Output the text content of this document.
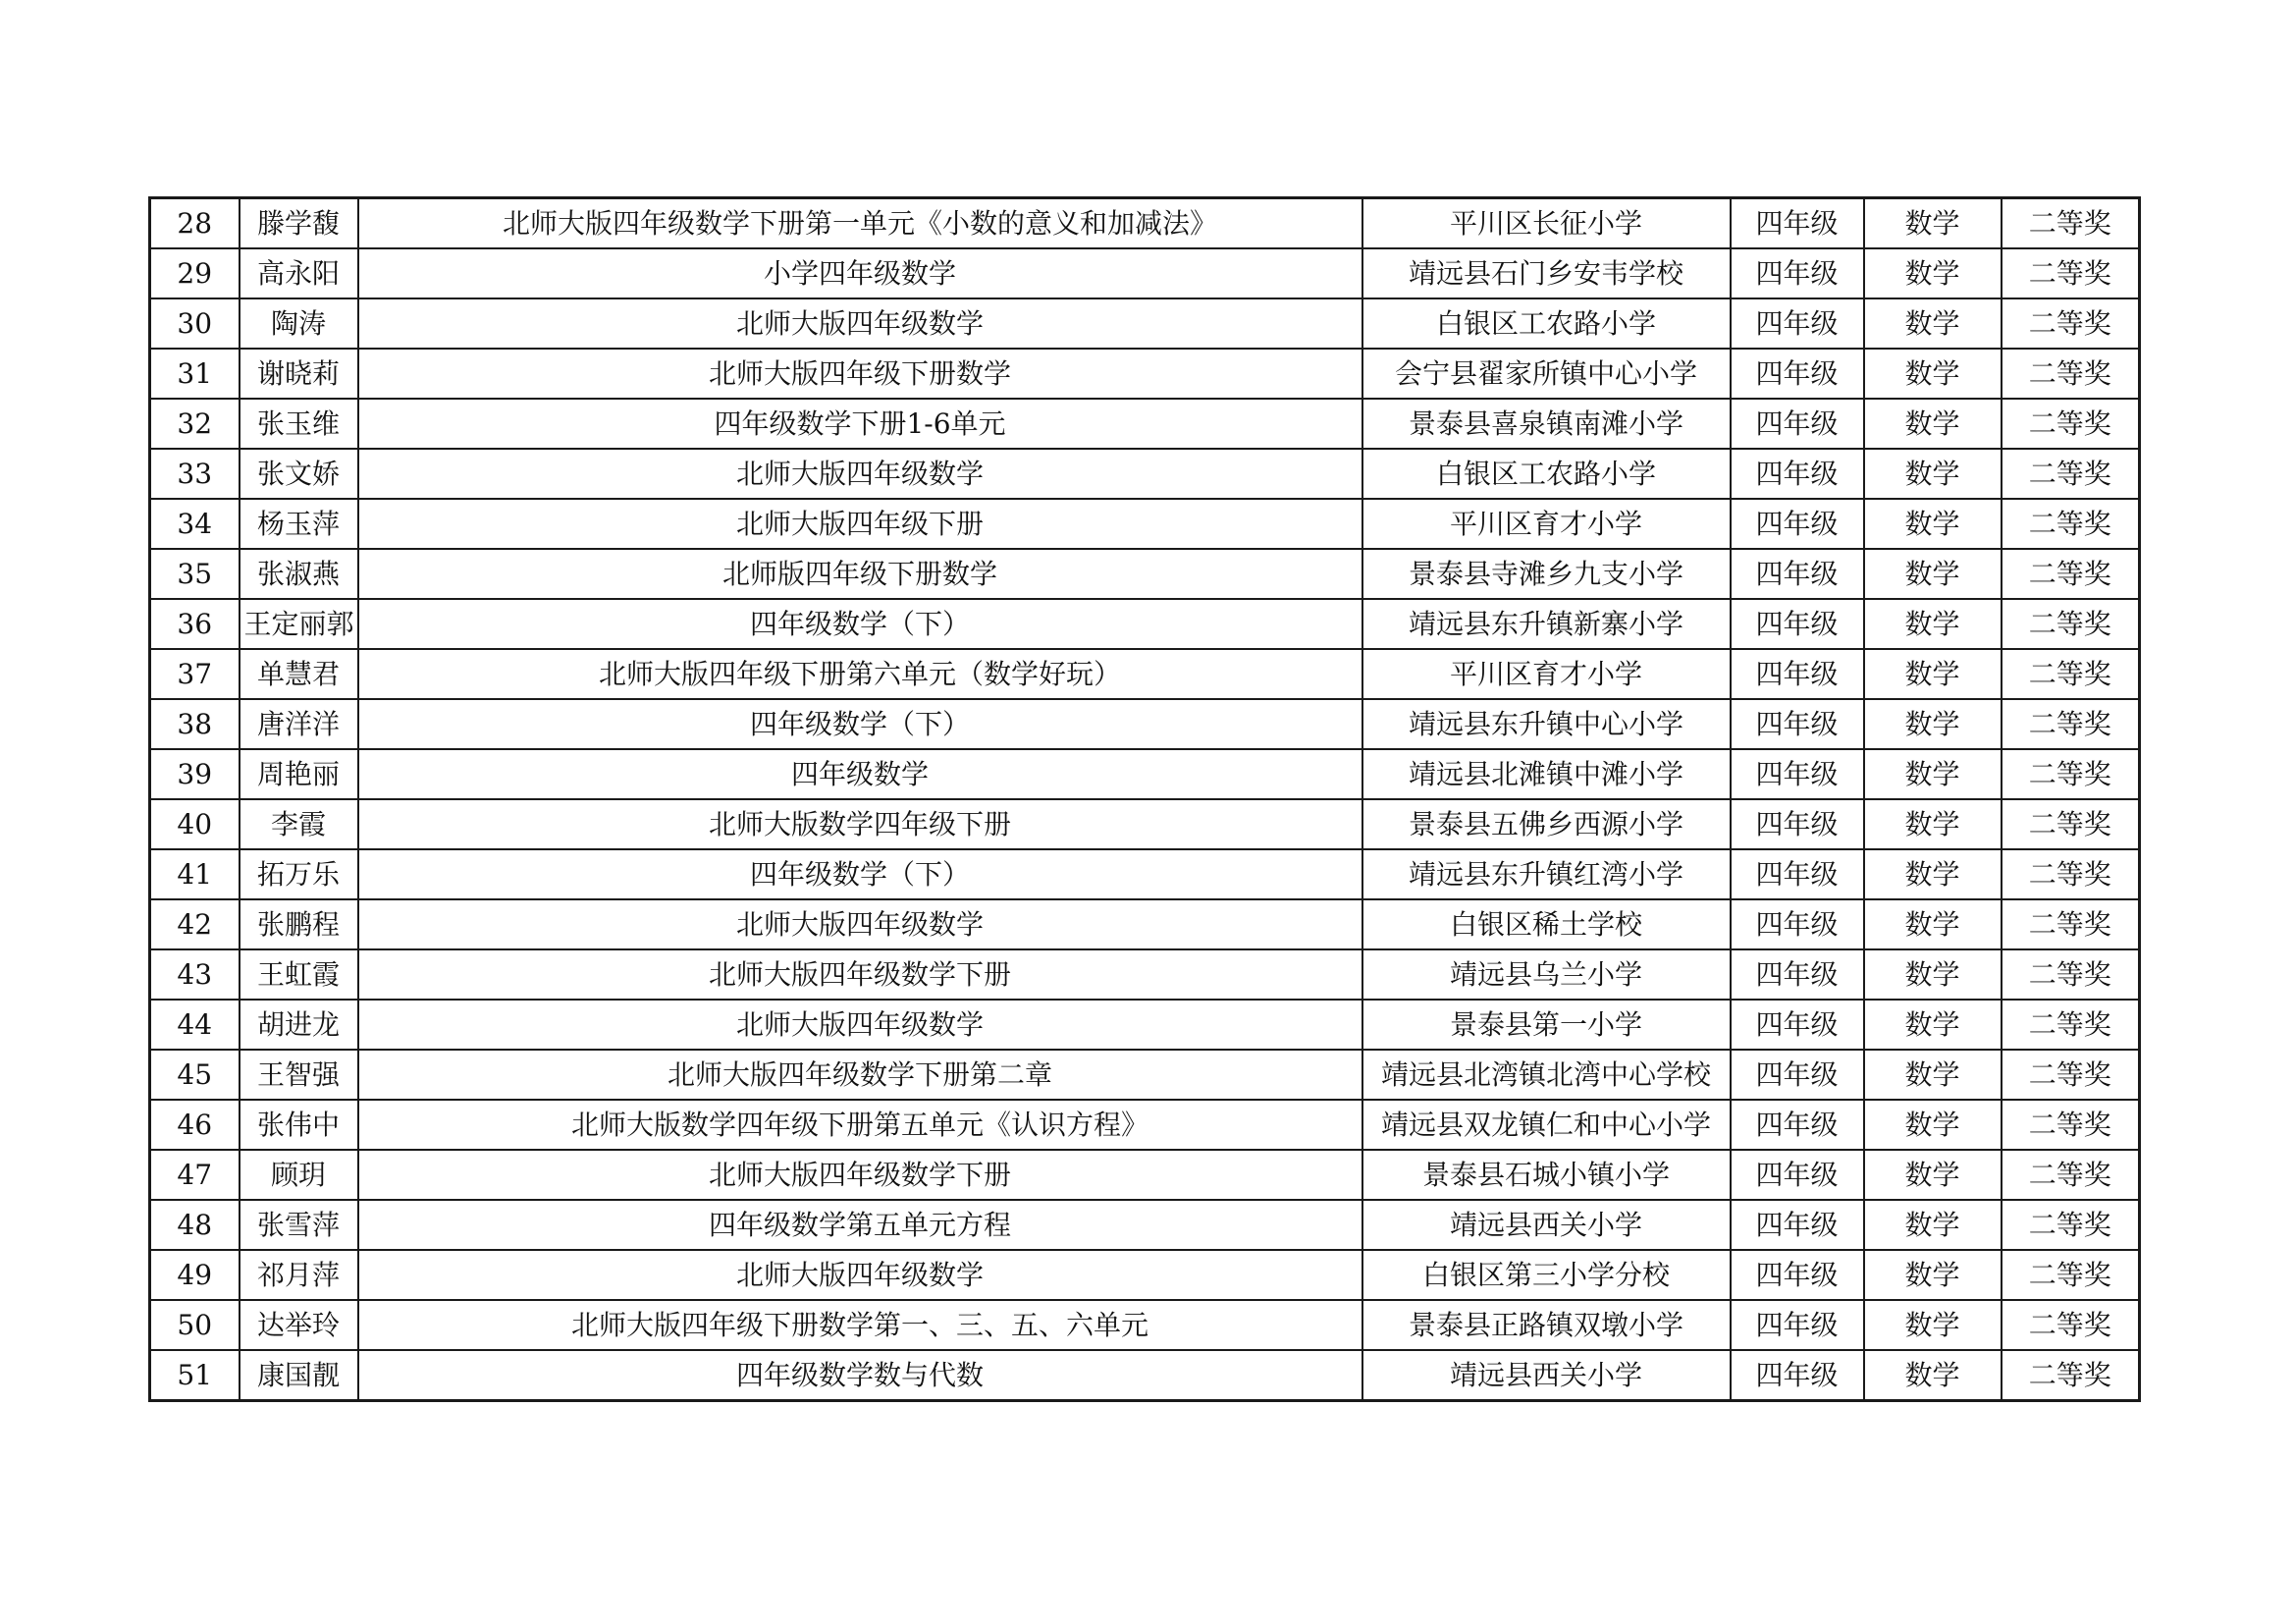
28	滕学馥	北师大版四年级数学下册第一单元《小数的意义和加减法》	平川区长征小学	四年级	数学	二等奖
29	高永阳	小学四年级数学	靖远县石门乡安韦学校	四年级	数学	二等奖
30	陶涛	北师大版四年级数学	白银区工农路小学	四年级	数学	二等奖
31	谢晓莉	北师大版四年级下册数学	会宁县翟家所镇中心小学	四年级	数学	二等奖
32	张玉维	四年级数学下册1-6单元	景泰县喜泉镇南滩小学	四年级	数学	二等奖
33	张文娇	北师大版四年级数学	白银区工农路小学	四年级	数学	二等奖
34	杨玉萍	北师大版四年级下册	平川区育才小学	四年级	数学	二等奖
35	张淑燕	北师版四年级下册数学	景泰县寺滩乡九支小学	四年级	数学	二等奖
36	王定丽郭	四年级数学（下）	靖远县东升镇新寨小学	四年级	数学	二等奖
37	单慧君	北师大版四年级下册第六单元（数学好玩）	平川区育才小学	四年级	数学	二等奖
38	唐洋洋	四年级数学（下）	靖远县东升镇中心小学	四年级	数学	二等奖
39	周艳丽	四年级数学	靖远县北滩镇中滩小学	四年级	数学	二等奖
40	李霞	北师大版数学四年级下册	景泰县五佛乡西源小学	四年级	数学	二等奖
41	拓万乐	四年级数学（下）	靖远县东升镇红湾小学	四年级	数学	二等奖
42	张鹏程	北师大版四年级数学	白银区稀土学校	四年级	数学	二等奖
43	王虹霞	北师大版四年级数学下册	靖远县乌兰小学	四年级	数学	二等奖
44	胡进龙	北师大版四年级数学	景泰县第一小学	四年级	数学	二等奖
45	王智强	北师大版四年级数学下册第二章	靖远县北湾镇北湾中心学校	四年级	数学	二等奖
46	张伟中	北师大版数学四年级下册第五单元《认识方程》	靖远县双龙镇仁和中心小学	四年级	数学	二等奖
47	顾玥	北师大版四年级数学下册	景泰县石城小镇小学	四年级	数学	二等奖
48	张雪萍	四年级数学第五单元方程	靖远县西关小学	四年级	数学	二等奖
49	祁月萍	北师大版四年级数学	白银区第三小学分校	四年级	数学	二等奖
50	达举玲	北师大版四年级下册数学第一、三、五、六单元	景泰县正路镇双墩小学	四年级	数学	二等奖
51	康国靓	四年级数学数与代数	靖远县西关小学	四年级	数学	二等奖
